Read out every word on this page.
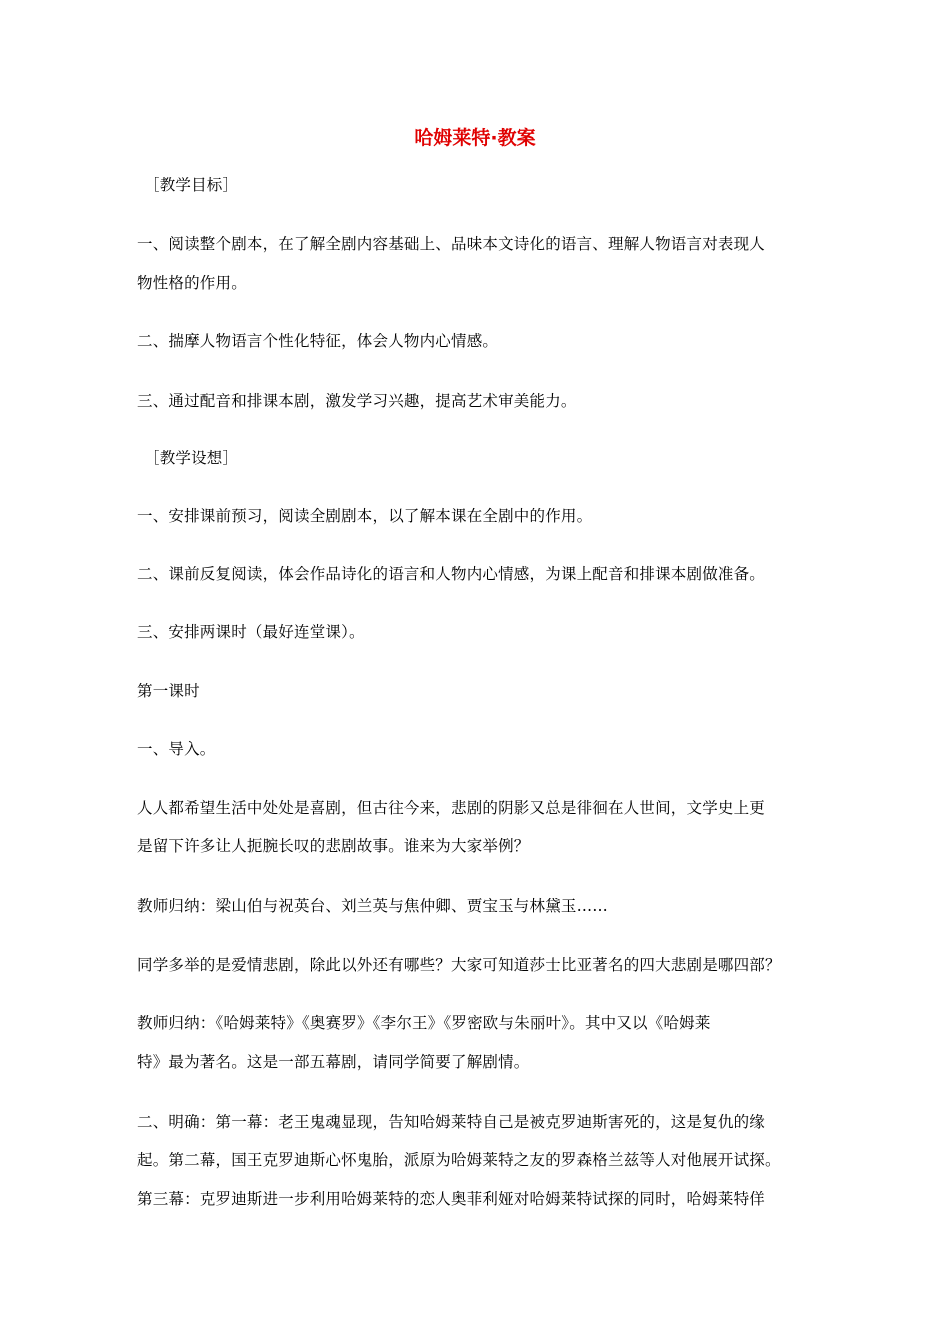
哈姆莱特·教案
［教学目标］
一、阅读整个剧本，在了解全剧内容基础上、品味本文诗化的语言、理解人物语言对表现人
物性格的作用。
二、揣摩人物语言个性化特征，体会人物内心情感。
三、通过配音和排课本剧，激发学习兴趣，提高艺术审美能力。
［教学设想］
一、安排课前预习，阅读全剧剧本，以了解本课在全剧中的作用。
二、课前反复阅读，体会作品诗化的语言和人物内心情感，为课上配音和排课本剧做准备。
三、安排两课时（最好连堂课）。
第一课时
一、导入。
人人都希望生活中处处是喜剧，但古往今来，悲剧的阴影又总是徘徊在人世间，文学史上更
是留下许多让人扼腕长叹的悲剧故事。谁来为大家举例？
教师归纳：梁山伯与祝英台、刘兰英与焦仲卿、贾宝玉与林黛玉……
同学多举的是爱情悲剧，除此以外还有哪些？大家可知道莎士比亚著名的四大悲剧是哪四部？
教师归纳：《哈姆莱特》《奥赛罗》《李尔王》《罗密欧与朱丽叶》。其中又以《哈姆莱
特》最为著名。这是一部五幕剧，请同学简要了解剧情。
二、明确：第一幕：老王鬼魂显现，告知哈姆莱特自己是被克罗迪斯害死的，这是复仇的缘
起。第二幕，国王克罗迪斯心怀鬼胎，派原为哈姆莱特之友的罗森格兰兹等人对他展开试探。
第三幕：克罗迪斯进一步利用哈姆莱特的恋人奥菲利娅对哈姆莱特试探的同时，哈姆莱特佯
